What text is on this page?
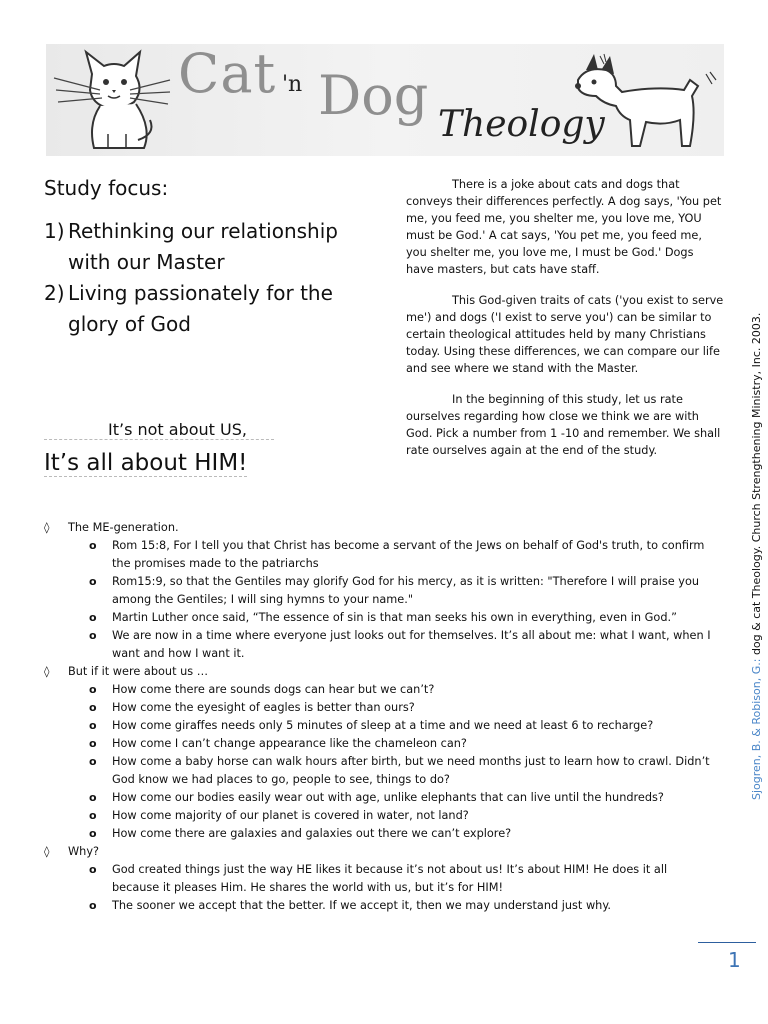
Cat 'n Dog Theology
Study focus:
1) Rethinking our relationship with our Master
2) Living passionately for the glory of God
It’s not about US,
It’s all about HIM!

There is a joke about cats and dogs that conveys their differences perfectly. A dog says, 'You pet me, you feed me, you shelter me, you love me, YOU must be God.' A cat says, 'You pet me, you feed me, you shelter me, you love me, I must be God.' Dogs have masters, but cats have staff.

This God-given traits of cats ('you exist to serve me') and dogs ('I exist to serve you') can be similar to certain theological attitudes held by many Christians today. Using these differences, we can compare our life and see where we stand with the Master.

In the beginning of this study, let us rate ourselves regarding how close we think we are with God. Pick a number from 1 -10 and remember. We shall rate ourselves again at the end of the study.

Sjogren, B. & Robison, G.: dog & cat Theology. Church Strengthening Ministry, Inc. 2003.
◊	The ME-generation.
o	Rom 15:8, For I tell you that Christ has become a servant of the Jews on behalf of God's truth, to confirm the promises made to the patriarchs
o	Rom15:9, so that the Gentiles may glorify God for his mercy, as it is written: "Therefore I will praise you among the Gentiles; I will sing hymns to your name."
o	Martin Luther once said, “The essence of sin is that man seeks his own in everything, even in God.”
o	We are now in a time where everyone just looks out for themselves. It’s all about me: what I want, when I want and how I want it.
◊	But if it were about us …
o	How come there are sounds dogs can hear but we can’t?
o	How come the eyesight of eagles is better than ours?
o	How come giraffes needs only 5 minutes of sleep at a time and we need at least 6 to recharge?
o	How come I can’t change appearance like the chameleon can?
o	How come a baby horse can walk hours after birth, but we need months just to learn how to crawl. Didn’t God know we had places to go, people to see, things to do?
o	How come our bodies easily wear out with age, unlike elephants that can live until the hundreds?
o	How come majority of our planet is covered in water, not land?
o	How come there are galaxies and galaxies out there we can’t explore?
◊	Why?
o	God created things just the way HE likes it because it’s not about us! It’s about HIM! He does it all because it pleases Him. He shares the world with us, but it’s for HIM!
o	The sooner we accept that the better. If we accept it, then we may understand just why.
1
